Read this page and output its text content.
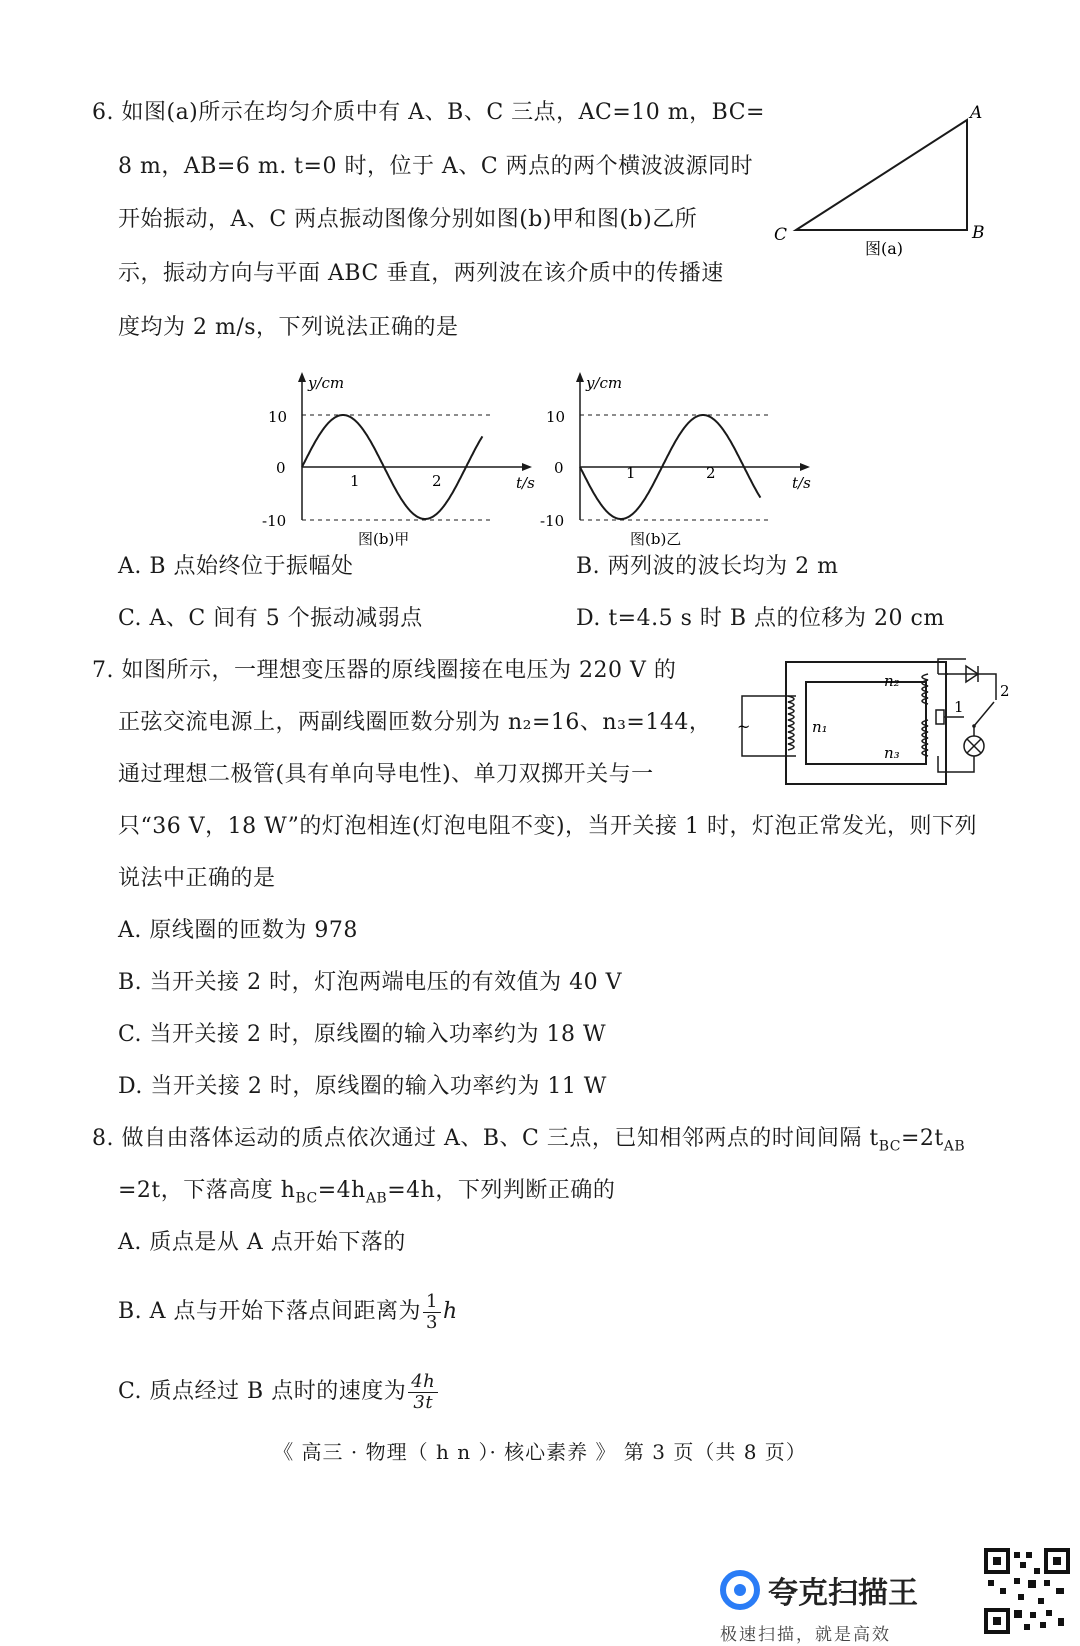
6. 如图(a)所示在均匀介质中有 A、B、C 三点，AC=10 m，BC=
8 m，AB=6 m. t=0 时，位于 A、C 两点的两个横波波源同时
开始振动，A、C 两点振动图像分别如图(b)甲和图(b)乙所
示，振动方向与平面 ABC 垂直，两列波在该介质中的传播速
度均为 2 m/s，下列说法正确的是
A
B
C
图(a)
y/cm
10
0
-10
1	2	t/s
图(b)甲
y/cm
10
0
-10
1	2
t/s
图(b)乙
A. B 点始终位于振幅处	B. 两列波的波长均为 2 m
C. A、C 间有 5 个振动减弱点	D. t=4.5 s 时 B 点的位移为 20 cm
7. 如图所示，一理想变压器的原线圈接在电压为 220 V 的
正弦交流电源上，两副线圈匝数分别为 n₂=16、n₃=144，
通过理想二极管(具有单向导电性)、单刀双掷开关与一
只“36 V，18 W”的灯泡相连(灯泡电阻不变)，当开关接 1 时，灯泡正常发光，则下列
说法中正确的是
~	n₁
n₂
n₃
1
2
A. 原线圈的匝数为 978
B. 当开关接 2 时，灯泡两端电压的有效值为 40 V
C. 当开关接 2 时，原线圈的输入功率约为 18 W
D. 当开关接 2 时，原线圈的输入功率约为 11 W
8. 做自由落体运动的质点依次通过 A、B、C 三点，已知相邻两点的时间间隔 $t_{BC}=2t_{AB}$
=2t，下落高度 $h_{BC}=4h_{AB}=4h$，下列判断正确的
A. 质点是从 A 点开始下落的
B. A 点与开始下落点间距离为 $\frac{1}{3}$ h
C. 质点经过 B 点时的速度为 $\frac{4h}{3t}$
《 高三 · 物理（ h n ）· 核心素养 》 第 3 页（共 8 页）
夸克扫描王
极速扫描，就是高效
